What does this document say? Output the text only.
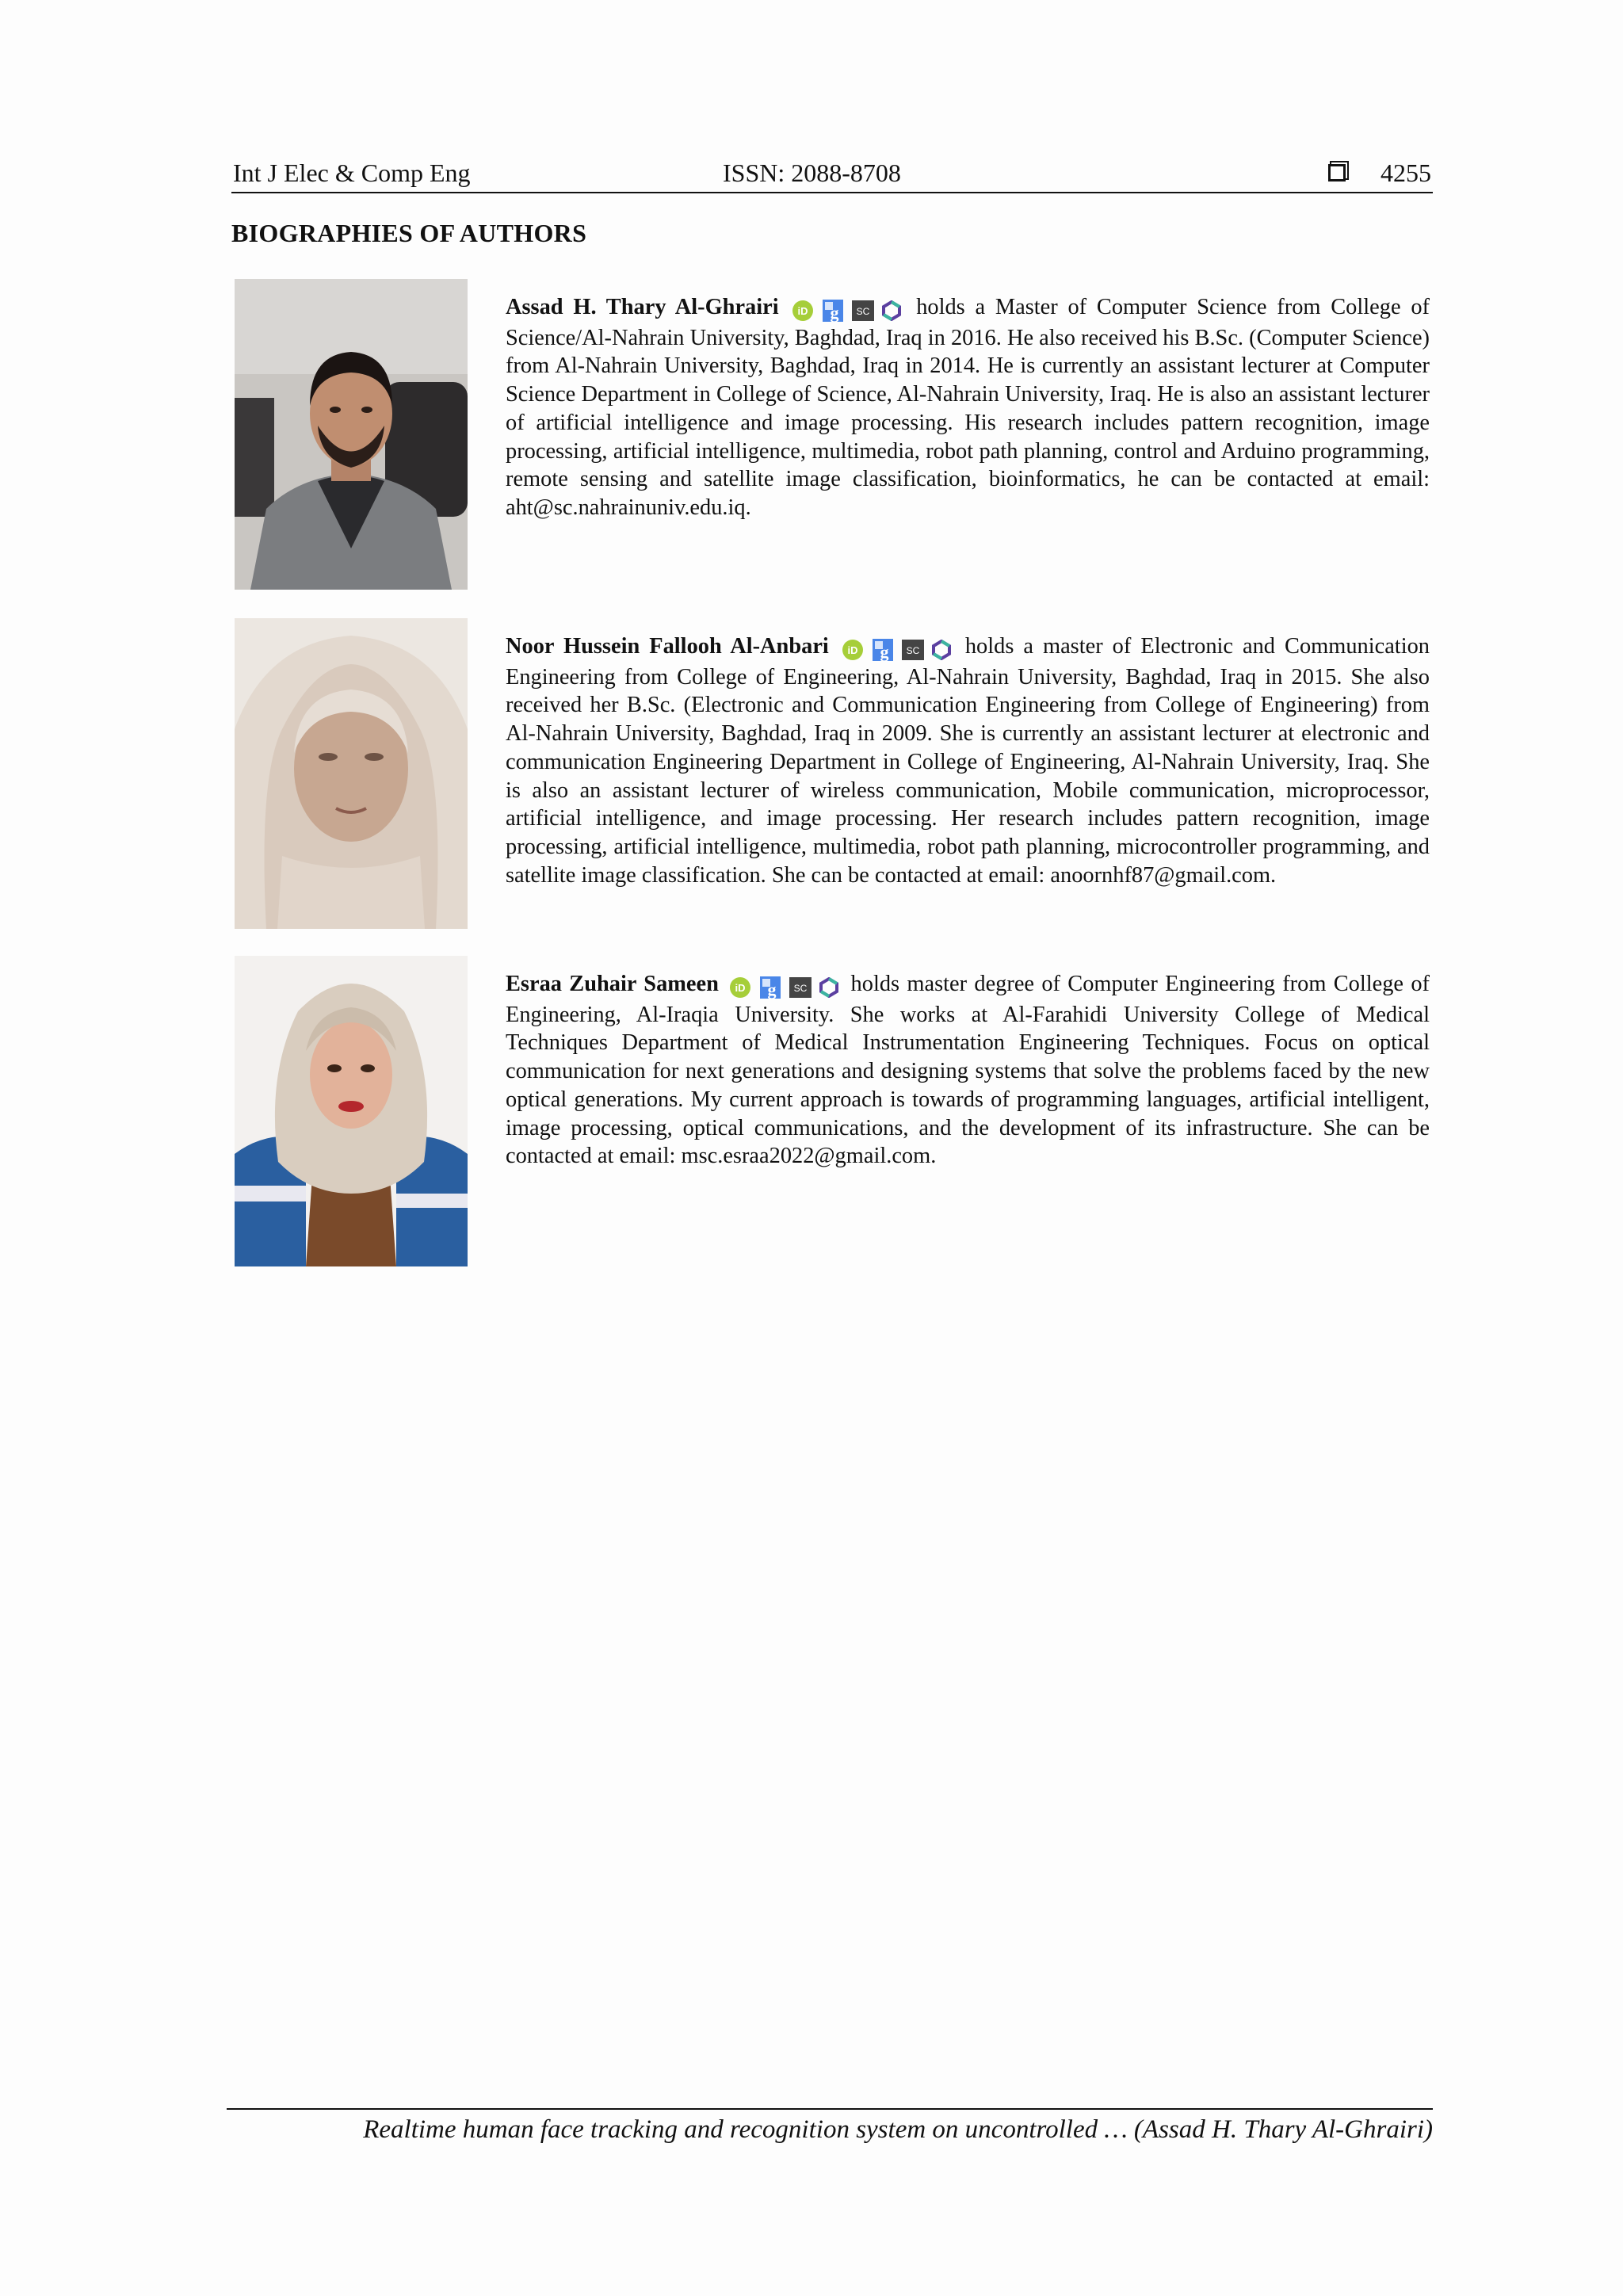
Int J Elec & Comp Eng	ISSN: 2088-8708	4255
BIOGRAPHIES OF AUTHORS
Assad H. Thary Al-Ghrairi iD g SC holds a Master of Computer Science from College of Science/Al-Nahrain University, Baghdad, Iraq in 2016. He also received his B.Sc. (Computer Science) from Al-Nahrain University, Baghdad, Iraq in 2014. He is currently an assistant lecturer at Computer Science Department in College of Science, Al-Nahrain University, Iraq. He is also an assistant lecturer of artificial intelligence and image processing. His research includes pattern recognition, image processing, artificial intelligence, multimedia, robot path planning, control and Arduino programming, remote sensing and satellite image classification, bioinformatics, he can be contacted at email: aht@sc.nahrainuniv.edu.iq.
Noor Hussein Fallooh Al-Anbari iD g SC holds a master of Electronic and Communication Engineering from College of Engineering, Al-Nahrain University, Baghdad, Iraq in 2015. She also received her B.Sc. (Electronic and Communication Engineering from College of Engineering) from Al-Nahrain University, Baghdad, Iraq in 2009. She is currently an assistant lecturer at electronic and communication Engineering Department in College of Engineering, Al-Nahrain University, Iraq. She is also an assistant lecturer of wireless communication, Mobile communication, microprocessor, artificial intelligence, and image processing. Her research includes pattern recognition, image processing, artificial intelligence, multimedia, robot path planning, microcontroller programming, and satellite image classification. She can be contacted at email: anoornhf87@gmail.com.
Esraa Zuhair Sameen iD g SC holds master degree of Computer Engineering from College of Engineering, Al-Iraqia University. She works at Al-Farahidi University College of Medical Techniques Department of Medical Instrumentation Engineering Techniques. Focus on optical communication for next generations and designing systems that solve the problems faced by the new optical generations. My current approach is towards of programming languages, artificial intelligent, image processing, optical communications, and the development of its infrastructure. She can be contacted at email: msc.esraa2022@gmail.com.
Realtime human face tracking and recognition system on uncontrolled … (Assad H. Thary Al-Ghrairi)
